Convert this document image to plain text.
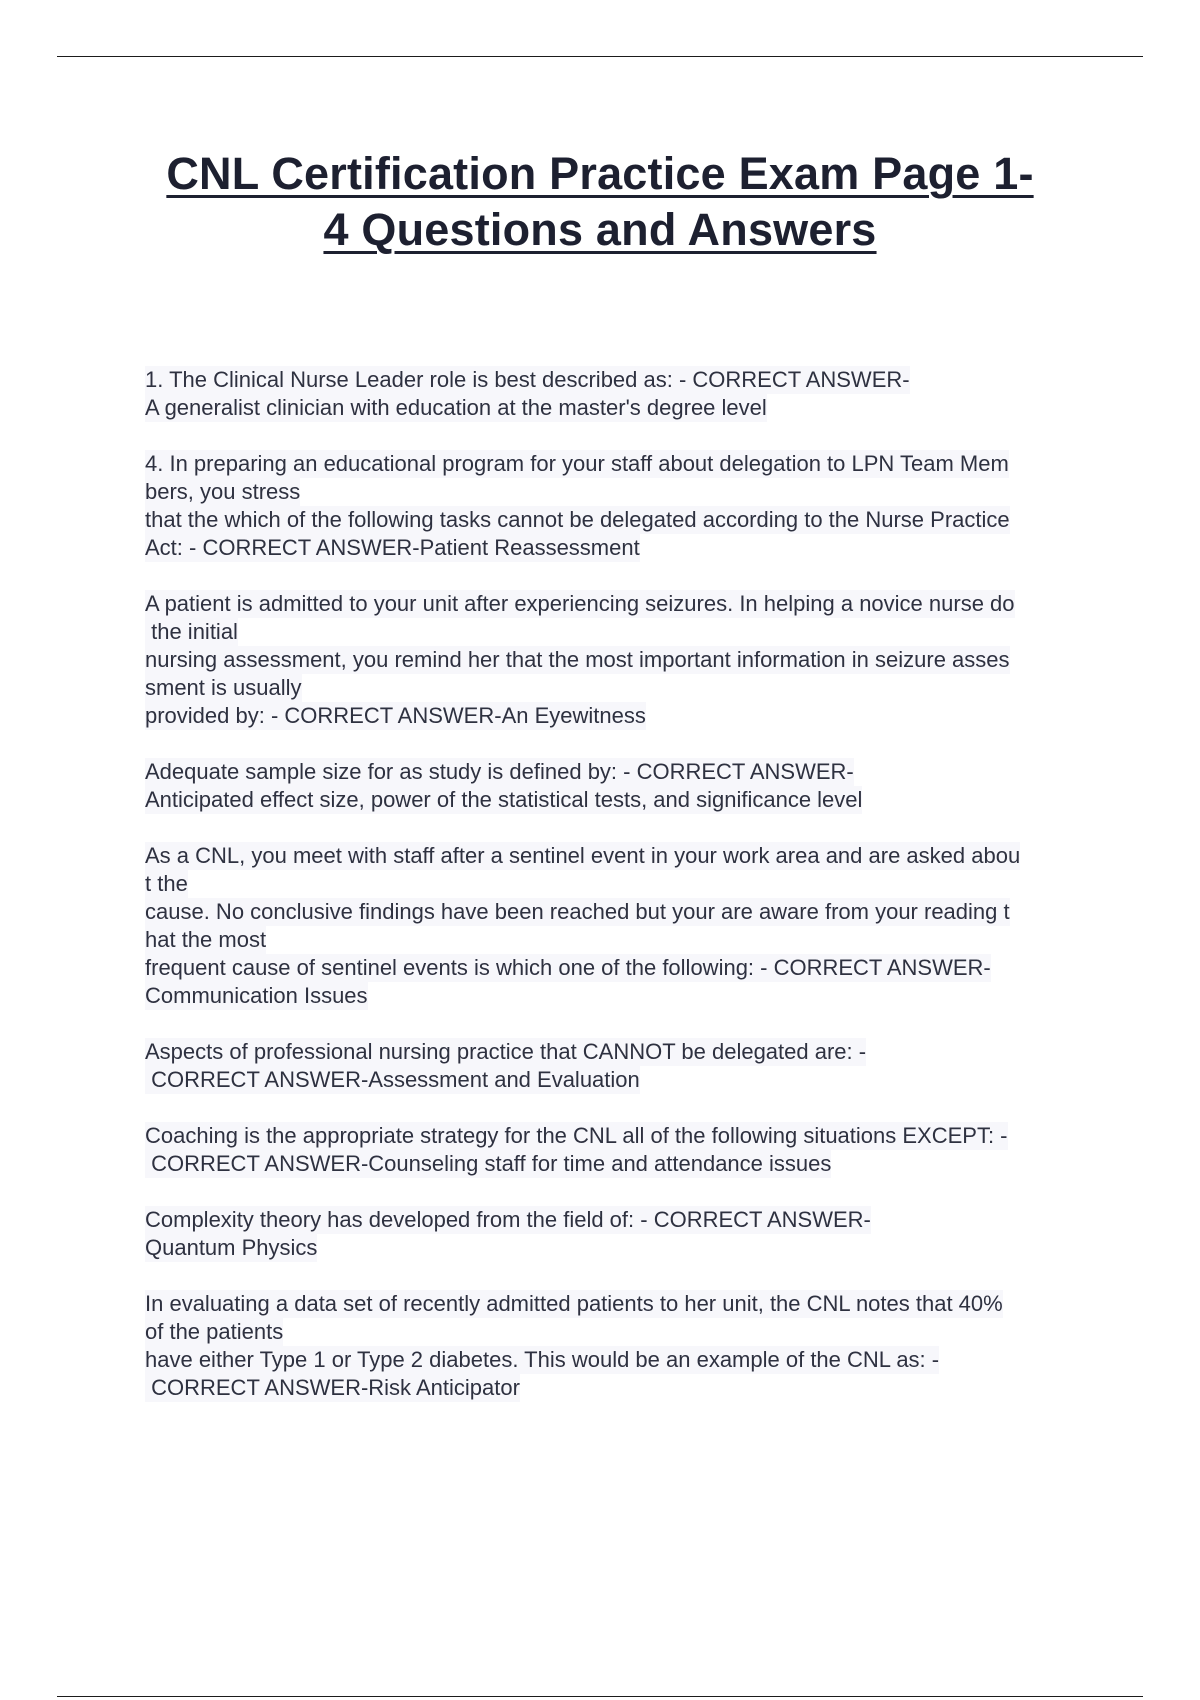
CNL Certification Practice Exam Page 1-
4 Questions and Answers
1. The Clinical Nurse Leader role is best described as: - CORRECT ANSWER-
A generalist clinician with education at the master's degree level
4. In preparing an educational program for your staff about delegation to LPN Team Mem
bers, you stress
that the which of the following tasks cannot be delegated according to the Nurse Practice
Act: - CORRECT ANSWER-Patient Reassessment
A patient is admitted to your unit after experiencing seizures. In helping a novice nurse do
the initial
nursing assessment, you remind her that the most important information in seizure asses
sment is usually
provided by: - CORRECT ANSWER-An Eyewitness
Adequate sample size for as study is defined by: - CORRECT ANSWER-
Anticipated effect size, power of the statistical tests, and significance level
As a CNL, you meet with staff after a sentinel event in your work area and are asked abou
t the
cause. No conclusive findings have been reached but your are aware from your reading t
hat the most
frequent cause of sentinel events is which one of the following: - CORRECT ANSWER-
Communication Issues
Aspects of professional nursing practice that CANNOT be delegated are: -
CORRECT ANSWER-Assessment and Evaluation
Coaching is the appropriate strategy for the CNL all of the following situations EXCEPT: -
CORRECT ANSWER-Counseling staff for time and attendance issues
Complexity theory has developed from the field of: - CORRECT ANSWER-
Quantum Physics
In evaluating a data set of recently admitted patients to her unit, the CNL notes that 40%
of the patients
have either Type 1 or Type 2 diabetes. This would be an example of the CNL as: -
CORRECT ANSWER-Risk Anticipator
